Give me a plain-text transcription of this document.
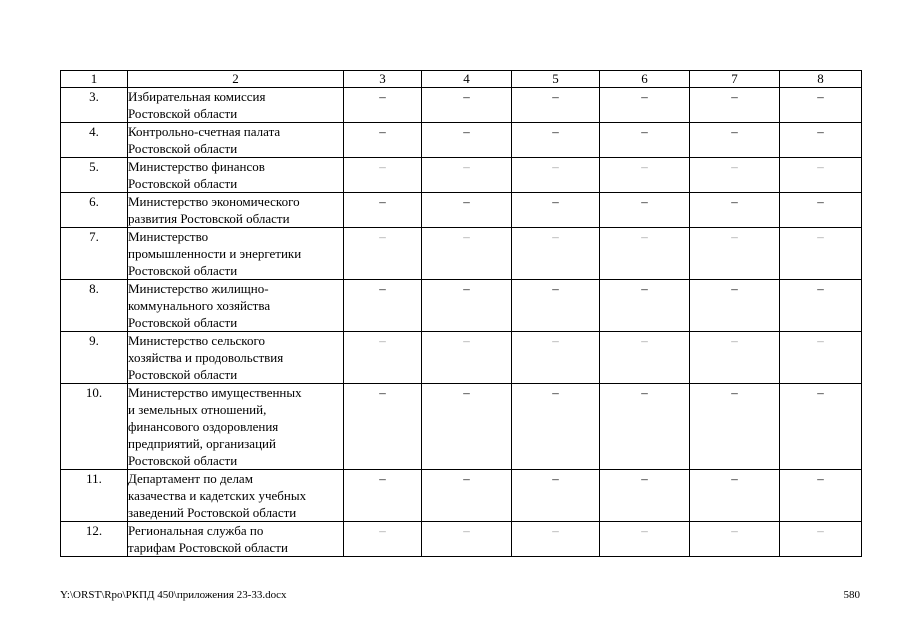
1	2	3	4	5	6	7	8
3.	Избирательная комиссия
Ростовской области	–	–	–	–	–	–
4.	Контрольно-счетная палата
Ростовской области	–	–	–	–	–	–
5.	Министерство финансов
Ростовской области	–	–	–	–	–	–
6.	Министерство экономического
развития Ростовской области	–	–	–	–	–	–
7.	Министерство
промышленности и энергетики
Ростовской области	–	–	–	–	–	–
8.	Министерство жилищно-
коммунального хозяйства
Ростовской области	–	–	–	–	–	–
9.	Министерство сельского
хозяйства и продовольствия
Ростовской области	–	–	–	–	–	–
10.	Министерство имущественных
и земельных отношений,
финансового оздоровления
предприятий, организаций
Ростовской области	–	–	–	–	–	–
11.	Департамент по делам
казачества и кадетских учебных
заведений Ростовской области	–	–	–	–	–	–
12.	Региональная служба по
тарифам Ростовской области	–	–	–	–	–	–
Y:\ORST\Rpo\РКПД 450\приложения 23-33.docx	580
